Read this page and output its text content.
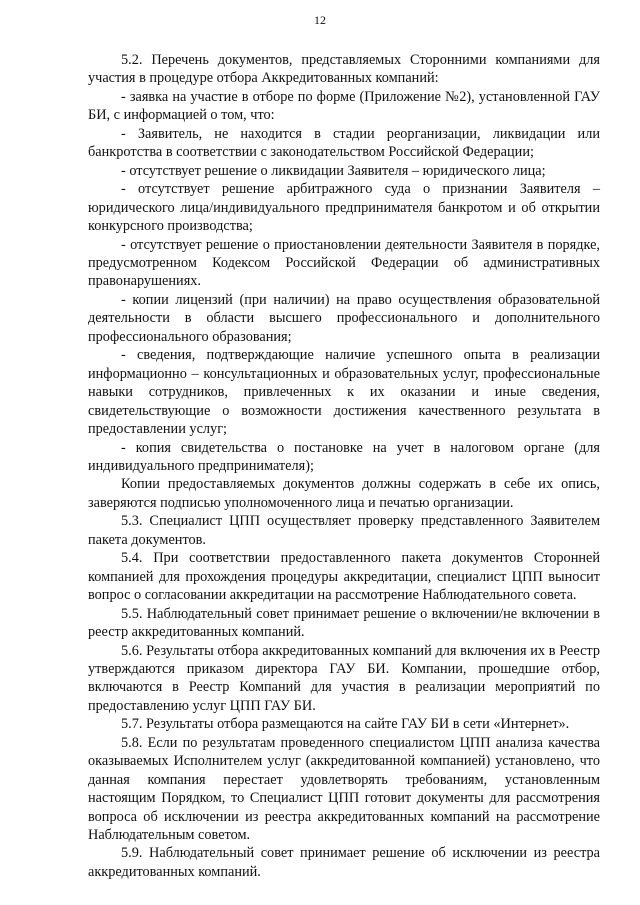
12

5.2. Перечень документов, представляемых Сторонними компаниями для участия в процедуре отбора Аккредитованных компаний:

- заявка на участие в отборе по форме (Приложение №2), установленной ГАУ БИ, с информацией о том, что:

- Заявитель, не находится в стадии реорганизации, ликвидации или банкротства в соответствии с законодательством Российской Федерации;

- отсутствует решение о ликвидации Заявителя – юридического лица;

- отсутствует решение арбитражного суда о признании Заявителя – юридического лица/индивидуального предпринимателя банкротом и об открытии конкурсного производства;

- отсутствует решение о приостановлении деятельности Заявителя в порядке, предусмотренном Кодексом Российской Федерации об административных правонарушениях.

- копии лицензий (при наличии) на право осуществления образовательной деятельности в области высшего профессионального и дополнительного профессионального образования;

- сведения, подтверждающие наличие успешного опыта в реализации информационно – консультационных и образовательных услуг, профессиональные навыки сотрудников, привлеченных к их оказании и иные сведения, свидетельствующие о возможности достижения качественного результата в предоставлении услуг;

- копия свидетельства о постановке на учет в налоговом органе (для индивидуального предпринимателя);

Копии предоставляемых документов должны содержать в себе их опись, заверяются подписью уполномоченного лица и печатью организации.

5.3. Специалист ЦПП осуществляет проверку представленного Заявителем пакета документов.

5.4. При соответствии предоставленного пакета документов Сторонней компанией для прохождения процедуры аккредитации, специалист ЦПП выносит вопрос о согласовании аккредитации на рассмотрение Наблюдательного совета.

5.5. Наблюдательный совет принимает решение о включении/не включении в реестр аккредитованных компаний.

5.6. Результаты отбора аккредитованных компаний для включения их в Реестр утверждаются приказом директора ГАУ БИ. Компании, прошедшие отбор, включаются в Реестр Компаний для участия в реализации мероприятий по предоставлению услуг ЦПП ГАУ БИ.

5.7. Результаты отбора размещаются на сайте ГАУ БИ в сети «Интернет».

5.8. Если по результатам проведенного специалистом ЦПП анализа качества оказываемых Исполнителем услуг (аккредитованной компанией) установлено, что данная компания перестает удовлетворять требованиям, установленным настоящим Порядком, то Специалист ЦПП готовит документы для рассмотрения вопроса об исключении из реестра аккредитованных компаний на рассмотрение Наблюдательным советом.

5.9. Наблюдательный совет принимает решение об исключении из реестра аккредитованных компаний.
